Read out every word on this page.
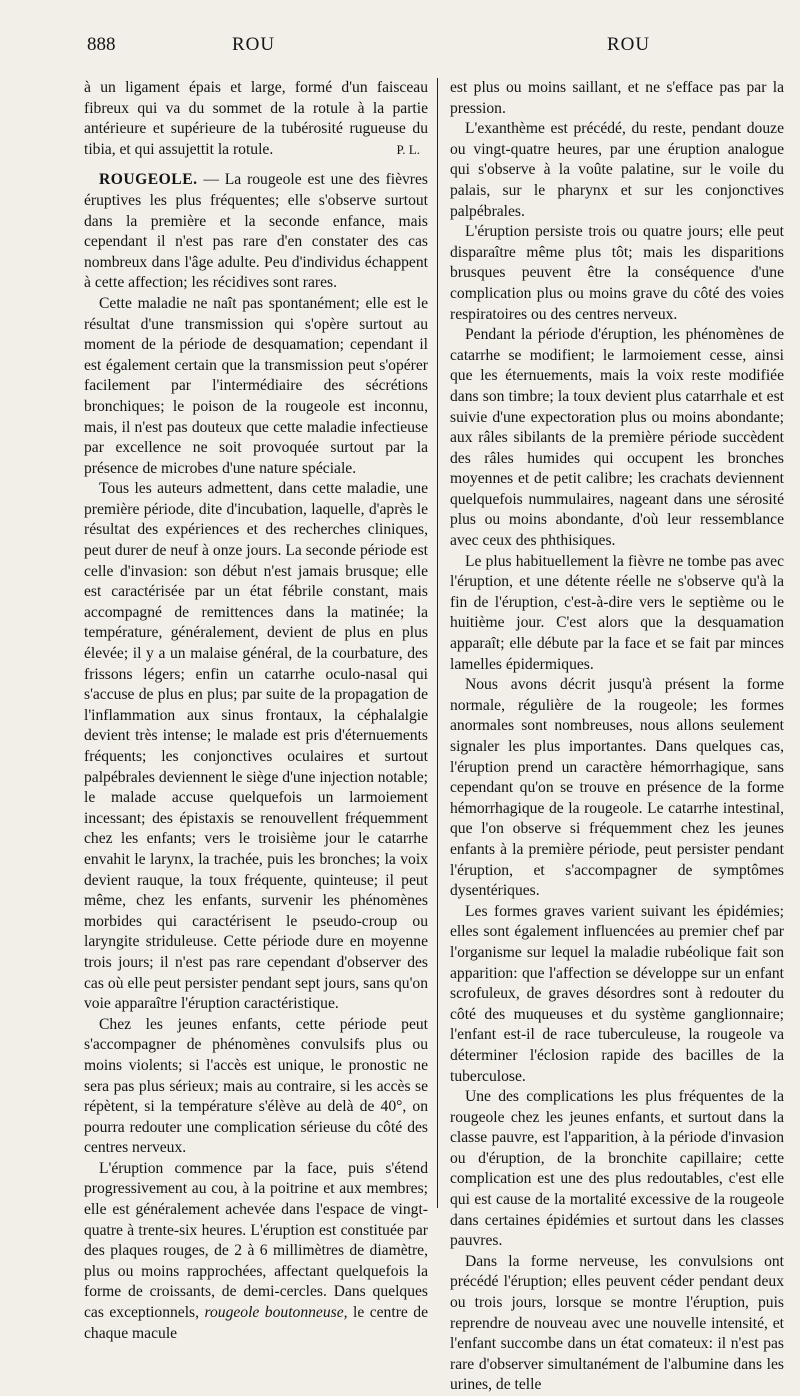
888	ROU	ROU

à un ligament épais et large, formé d'un faisceau fibreux qui va du sommet de la rotule à la partie antérieure et supérieure de la tubérosité rugueuse du tibia, et qui assujettit la rotule.	P. L.

ROUGEOLE. — La rougeole est une des fièvres éruptives les plus fréquentes; elle s'observe surtout dans la première et la seconde enfance, mais cependant il n'est pas rare d'en constater des cas nombreux dans l'âge adulte. Peu d'individus échappent à cette affection; les récidives sont rares.

Cette maladie ne naît pas spontanément; elle est le résultat d'une transmission qui s'opère surtout au moment de la période de desquamation; cependant il est également certain que la transmission peut s'opérer facilement par l'intermédiaire des sécrétions bronchiques; le poison de la rougeole est inconnu, mais, il n'est pas douteux que cette maladie infectieuse par excellence ne soit provoquée surtout par la présence de microbes d'une nature spéciale.

Tous les auteurs admettent, dans cette maladie, une première période, dite d'incubation, laquelle, d'après le résultat des expériences et des recherches cliniques, peut durer de neuf à onze jours. La seconde période est celle d'invasion: son début n'est jamais brusque; elle est caractérisée par un état fébrile constant, mais accompagné de remittences dans la matinée; la température, généralement, devient de plus en plus élevée; il y a un malaise général, de la courbature, des frissons légers; enfin un catarrhe oculo-nasal qui s'accuse de plus en plus; par suite de la propagation de l'inflammation aux sinus frontaux, la céphalalgie devient très intense; le malade est pris d'éternuements fréquents; les conjonctives oculaires et surtout palpébrales deviennent le siège d'une injection notable; le malade accuse quelquefois un larmoiement incessant; des épistaxis se renouvellent fréquemment chez les enfants; vers le troisième jour le catarrhe envahit le larynx, la trachée, puis les bronches; la voix devient rauque, la toux fréquente, quinteuse; il peut même, chez les enfants, survenir les phénomènes morbides qui caractérisent le pseudo-croup ou laryngite striduleuse. Cette période dure en moyenne trois jours; il n'est pas rare cependant d'observer des cas où elle peut persister pendant sept jours, sans qu'on voie apparaître l'éruption caractéristique.

Chez les jeunes enfants, cette période peut s'accompagner de phénomènes convulsifs plus ou moins violents; si l'accès est unique, le pronostic ne sera pas plus sérieux; mais au contraire, si les accès se répètent, si la température s'élève au delà de 40°, on pourra redouter une complication sérieuse du côté des centres nerveux.

L'éruption commence par la face, puis s'étend progressivement au cou, à la poitrine et aux membres; elle est généralement achevée dans l'espace de vingt-quatre à trente-six heures. L'éruption est constituée par des plaques rouges, de 2 à 6 millimètres de diamètre, plus ou moins rapprochées, affectant quelquefois la forme de croissants, de demi-cercles. Dans quelques cas exceptionnels, rougeole boutonneuse, le centre de chaque macule

est plus ou moins saillant, et ne s'efface pas par la pression.

L'exanthème est précédé, du reste, pendant douze ou vingt-quatre heures, par une éruption analogue qui s'observe à la voûte palatine, sur le voile du palais, sur le pharynx et sur les conjonctives palpébrales.

L'éruption persiste trois ou quatre jours; elle peut disparaître même plus tôt; mais les disparitions brusques peuvent être la conséquence d'une complication plus ou moins grave du côté des voies respiratoires ou des centres nerveux.

Pendant la période d'éruption, les phénomènes de catarrhe se modifient; le larmoiement cesse, ainsi que les éternuements, mais la voix reste modifiée dans son timbre; la toux devient plus catarrhale et est suivie d'une expectoration plus ou moins abondante; aux râles sibilants de la première période succèdent des râles humides qui occupent les bronches moyennes et de petit calibre; les crachats deviennent quelquefois nummulaires, nageant dans une sérosité plus ou moins abondante, d'où leur ressemblance avec ceux des phthisiques.

Le plus habituellement la fièvre ne tombe pas avec l'éruption, et une détente réelle ne s'observe qu'à la fin de l'éruption, c'est-à-dire vers le septième ou le huitième jour. C'est alors que la desquamation apparaît; elle débute par la face et se fait par minces lamelles épidermiques.

Nous avons décrit jusqu'à présent la forme normale, régulière de la rougeole; les formes anormales sont nombreuses, nous allons seulement signaler les plus importantes. Dans quelques cas, l'éruption prend un caractère hémorrhagique, sans cependant qu'on se trouve en présence de la forme hémorrhagique de la rougeole. Le catarrhe intestinal, que l'on observe si fréquemment chez les jeunes enfants à la première période, peut persister pendant l'éruption, et s'accompagner de symptômes dysentériques.

Les formes graves varient suivant les épidémies; elles sont également influencées au premier chef par l'organisme sur lequel la maladie rubéolique fait son apparition: que l'affection se développe sur un enfant scrofuleux, de graves désordres sont à redouter du côté des muqueuses et du système ganglionnaire; l'enfant est-il de race tuberculeuse, la rougeole va déterminer l'éclosion rapide des bacilles de la tuberculose.

Une des complications les plus fréquentes de la rougeole chez les jeunes enfants, et surtout dans la classe pauvre, est l'apparition, à la période d'invasion ou d'éruption, de la bronchite capillaire; cette complication est une des plus redoutables, c'est elle qui est cause de la mortalité excessive de la rougeole dans certaines épidémies et surtout dans les classes pauvres.

Dans la forme nerveuse, les convulsions ont précédé l'éruption; elles peuvent céder pendant deux ou trois jours, lorsque se montre l'éruption, puis reprendre de nouveau avec une nouvelle intensité, et l'enfant succombe dans un état comateux: il n'est pas rare d'observer simultanément de l'albumine dans les urines, de telle
